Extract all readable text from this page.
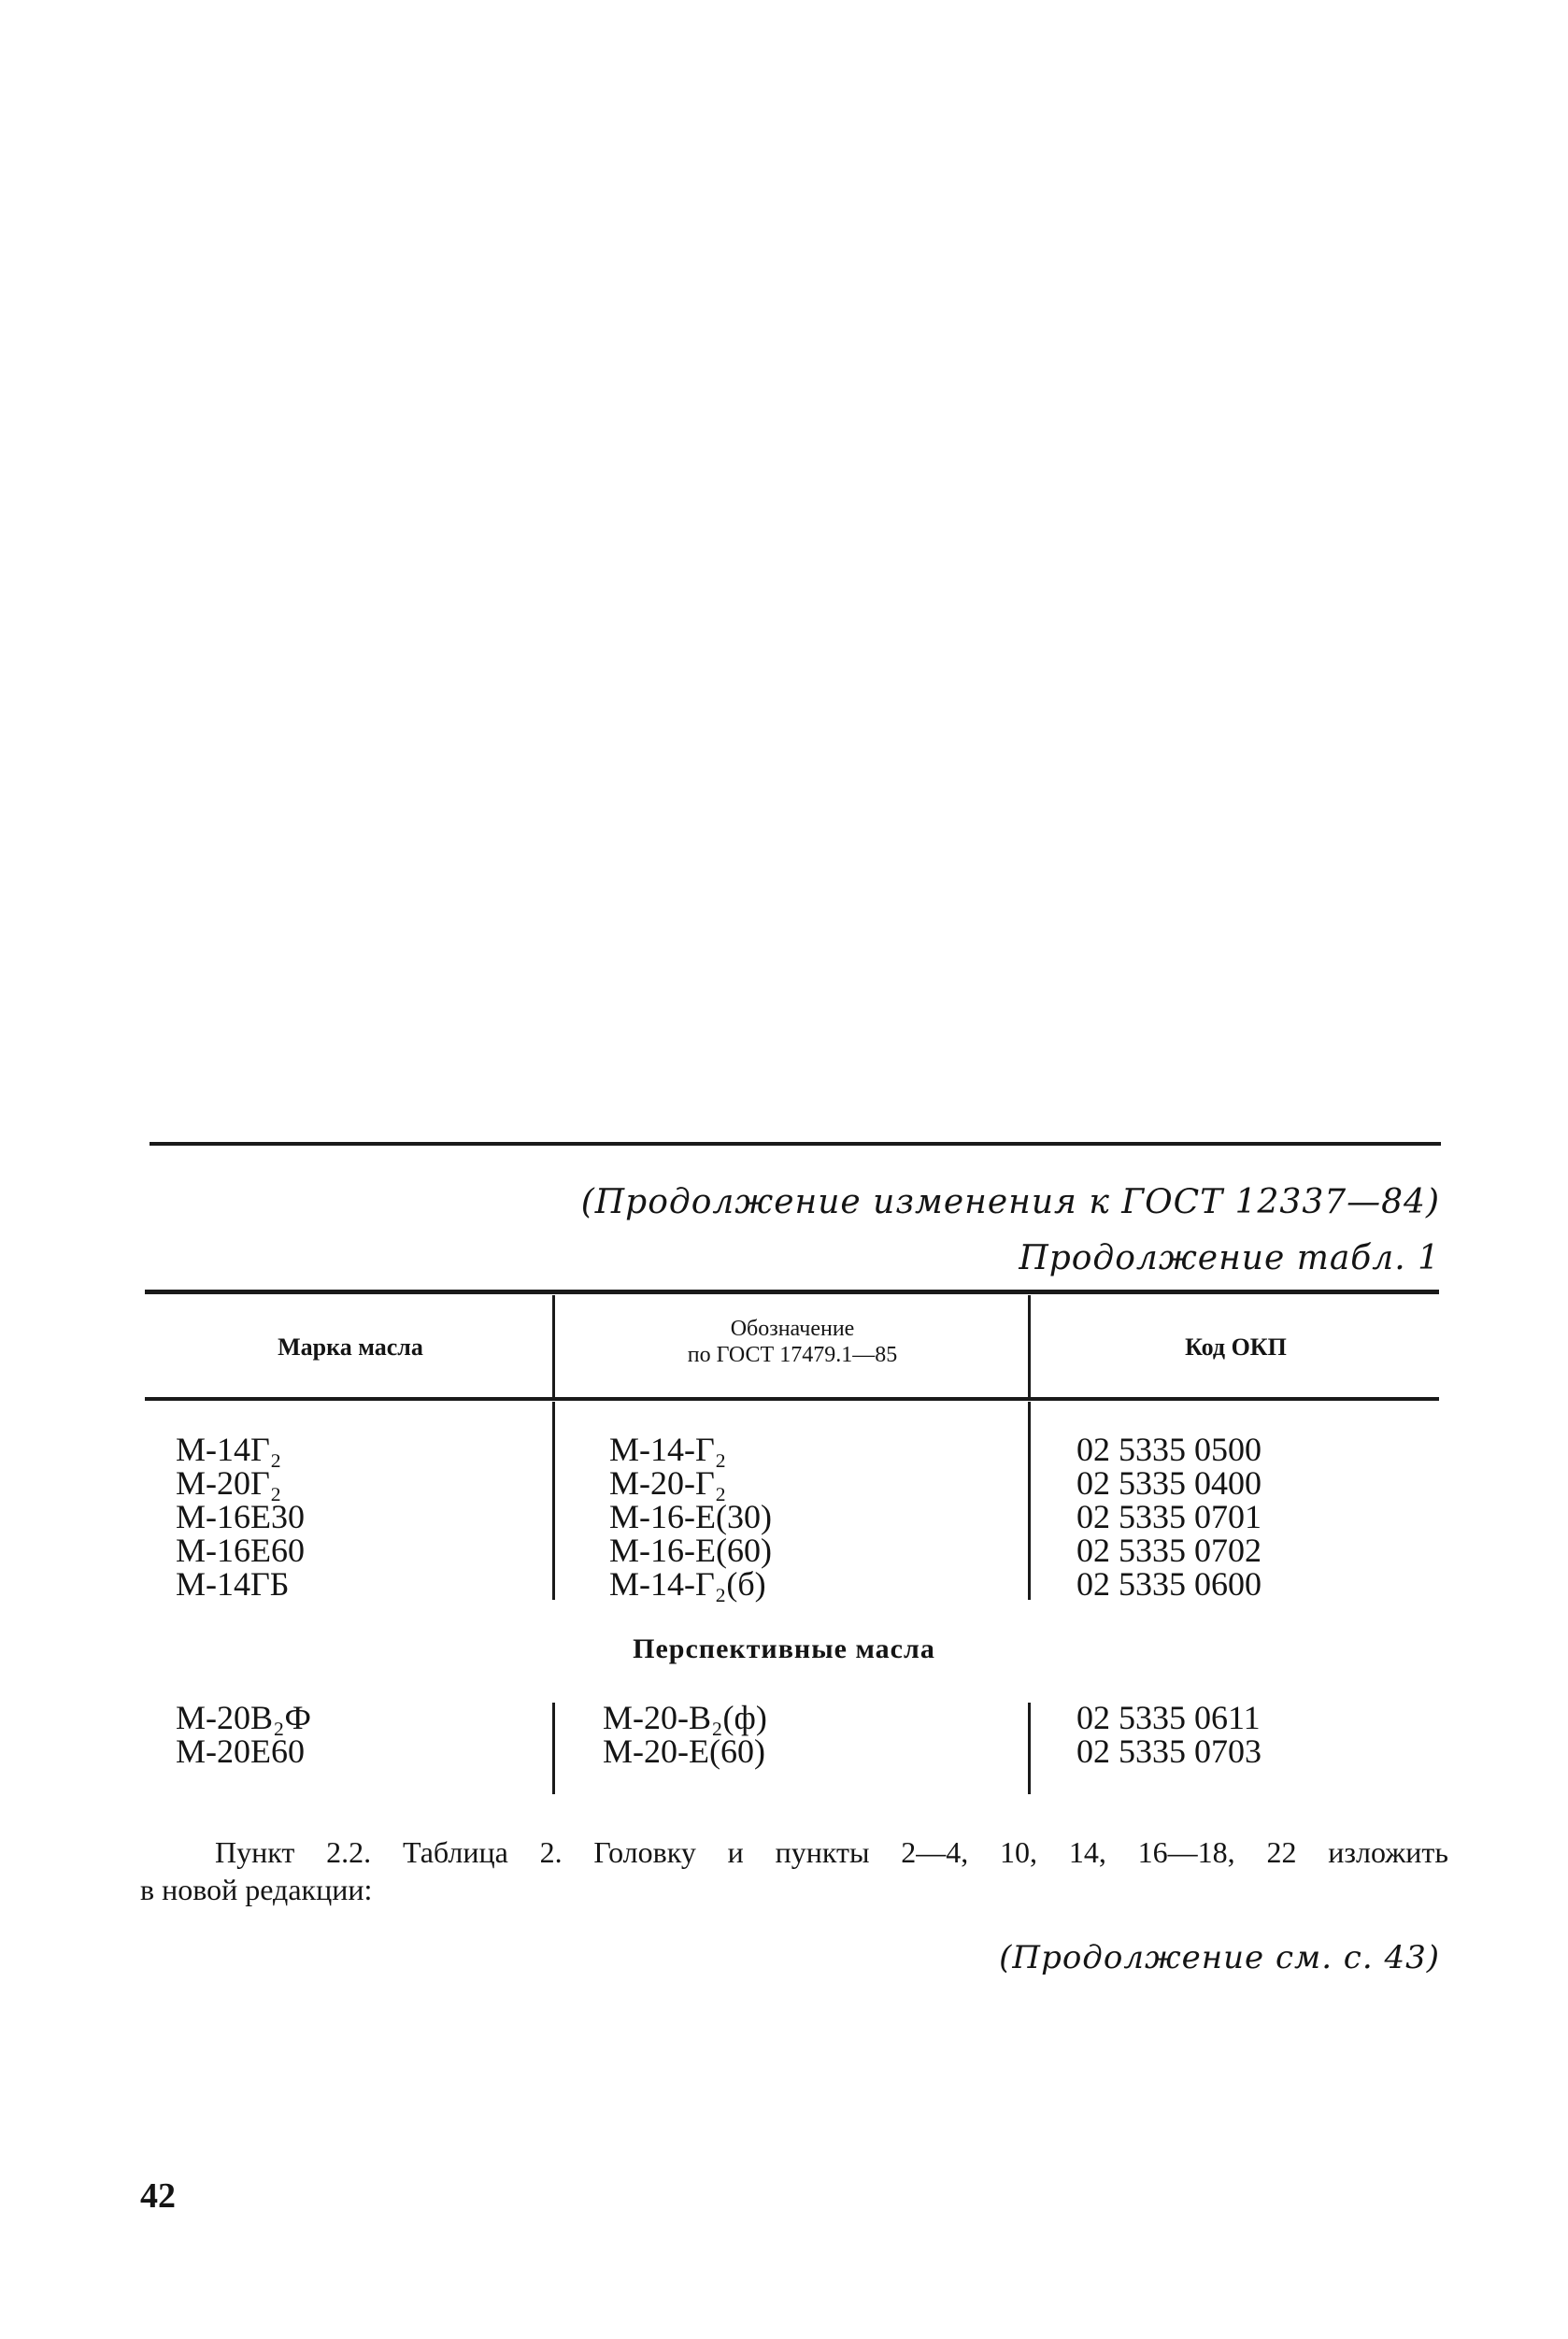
(Продолжение изменения к ГОСТ 12337—84)
Продолжение табл. 1
Марка масла
Обозначение
по ГОСТ 17479.1—85	Код ОКП
М-14Г₂
М-20Г₂
М-16Е30
М-16Е60
М-14ГБ
М-14-Г₂
М-20-Г₂
М-16-Е(30)
М-16-Е(60)
М-14-Г₂(б)
02 5335 0500
02 5335 0400
02 5335 0701
02 5335 0702
02 5335 0600
Перспективные масла
М-20В₂Ф
М-20Е60
М-20-В₂(ф)
М-20-Е(60)
02 5335 0611
02 5335 0703
Пункт 2.2. Таблица 2. Головку и пункты 2—4, 10, 14, 16—18, 22 изложить
в новой редакции:
(Продолжение см. с. 43)
42
